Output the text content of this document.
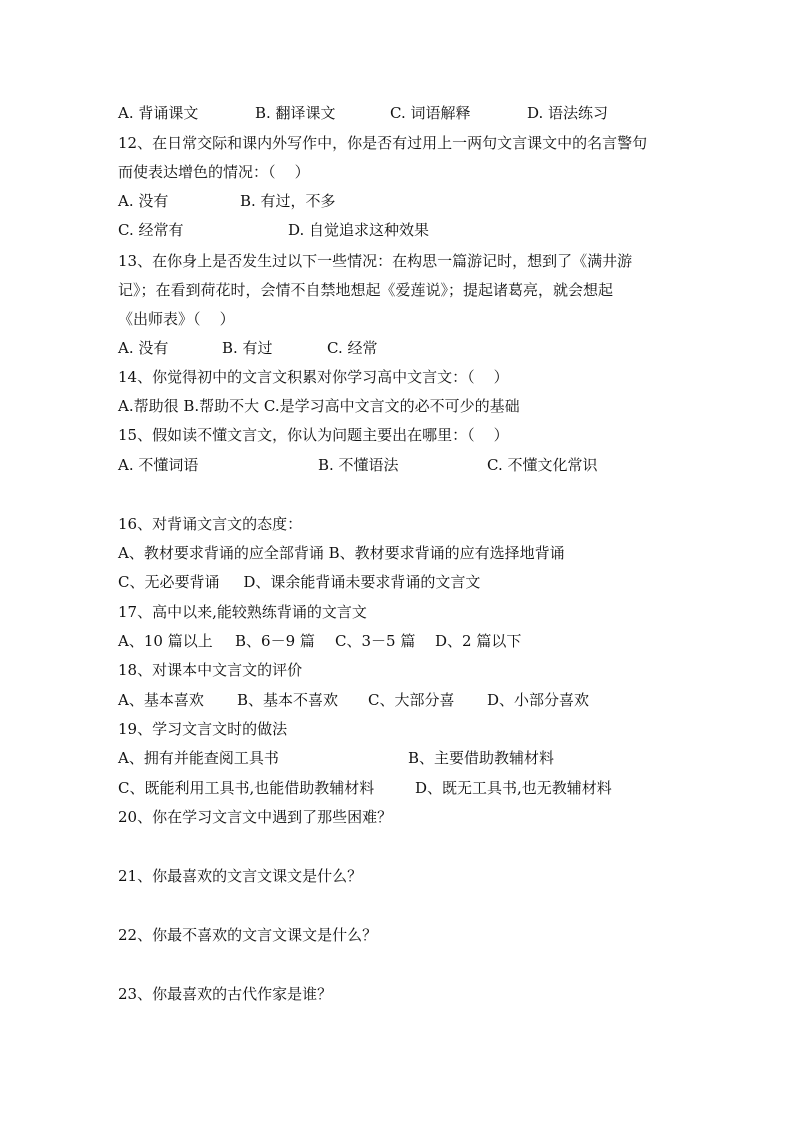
A. 背诵课文	B. 翻译课文	C. 词语解释	D. 语法练习
12、在日常交际和课内外写作中，你是否有过用上一两句文言课文中的名言警句
而使表达增色的情况：（    ）
A. 没有	B. 有过，不多
C. 经常有	D. 自觉追求这种效果
13、在你身上是否发生过以下一些情况：在构思一篇游记时，想到了《满井游
记》；在看到荷花时，会情不自禁地想起《爱莲说》；提起诸葛亮，就会想起
《出师表》（    ）
A. 没有	B. 有过	C. 经常
14、你觉得初中的文言文积累对你学习高中文言文：（    ）
A.帮助很 B.帮助不大 C.是学习高中文言文的必不可少的基础
15、假如读不懂文言文，你认为问题主要出在哪里：（    ）
A. 不懂词语	B. 不懂语法	C. 不懂文化常识
16、对背诵文言文的态度：
A、教材要求背诵的应全部背诵 B、教材要求背诵的应有选择地背诵
C、无必要背诵     D、课余能背诵未要求背诵的文言文
17、高中以来,能较熟练背诵的文言文
A、10 篇以上 B、6－9 篇 C、3－5 篇 D、2 篇以下
18、对课本中文言文的评价
A、基本喜欢 B、基本不喜欢 C、大部分喜 D、小部分喜欢
19、学习文言文时的做法
A、拥有并能查阅工具书	B、主要借助教辅材料
C、既能利用工具书,也能借助教辅材料	D、既无工具书,也无教辅材料
20、你在学习文言文中遇到了那些困难？
21、你最喜欢的文言文课文是什么？
22、你最不喜欢的文言文课文是什么？
23、你最喜欢的古代作家是谁？
